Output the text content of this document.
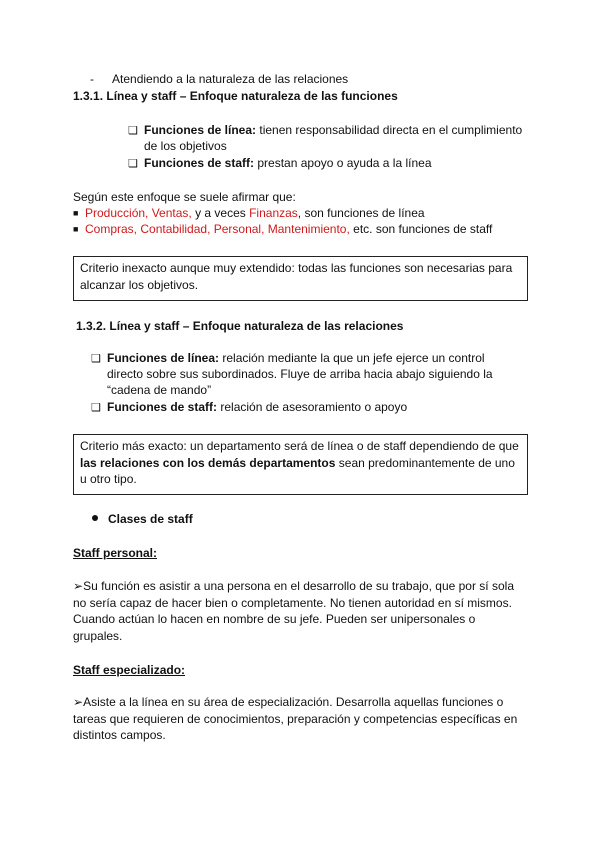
- Atendiendo a la naturaleza de las relaciones
1.3.1. Línea y staff – Enfoque naturaleza de las funciones
❑ Funciones de línea: tienen responsabilidad directa en el cumplimiento
de los objetivos
❑ Funciones de staff: prestan apoyo o ayuda a la línea
Según este enfoque se suele afirmar que:
■ Producción, Ventas, y a veces Finanzas, son funciones de línea
■ Compras, Contabilidad, Personal, Mantenimiento, etc. son funciones de staff
Criterio inexacto aunque muy extendido: todas las funciones son necesarias para
alcanzar los objetivos.
1.3.2. Línea y staff – Enfoque naturaleza de las relaciones
❑ Funciones de línea: relación mediante la que un jefe ejerce un control
directo sobre sus subordinados. Fluye de arriba hacia abajo siguiendo la
“cadena de mando”
❑ Funciones de staff: relación de asesoramiento o apoyo
Criterio más exacto: un departamento será de línea o de staff dependiendo de que
las relaciones con los demás departamentos sean predominantemente de uno
u otro tipo.
Clases de staff
Staff personal:
➢Su función es asistir a una persona en el desarrollo de su trabajo, que por sí sola
no sería capaz de hacer bien o completamente. No tienen autoridad en sí mismos.
Cuando actúan lo hacen en nombre de su jefe. Pueden ser unipersonales o
grupales.
Staff especializado:
➢Asiste a la línea en su área de especialización. Desarrolla aquellas funciones o
tareas que requieren de conocimientos, preparación y competencias específicas en
distintos campos.
